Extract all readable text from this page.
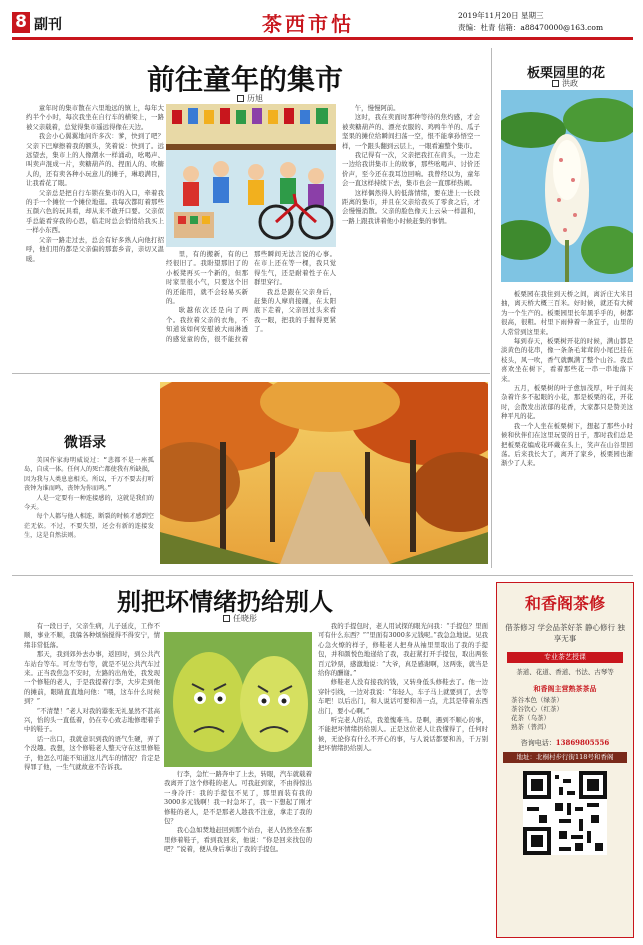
8 副刊	茶西市怙	2019年11月20日 星期三
责编：杜青 信箱：a88470000@163.com
前往童年的集市
历旭

童年时的集市散在六里地远的镇上，每年大约半个小时，每次我坐在自行车的横梁上，一路被父亲载着，总觉得集市遥远得像在天边。

我会小心翼翼地问许多次：爹，快到了吧？父亲下巴摩擦着我的额头，笑着说：快到了。远远望去，集市上的人像潮水一样涌动，吆喝声、叫卖声混成一片，卖糖葫芦的、捏面人的、吹糖人的，还有卖各种小玩意儿的摊子，琳琅满目，让我看花了眼。

父亲总是把自行车锁在集市的入口，牵着我的手一个摊位一个摊位地逛。我每次都盯着那些五颜六色的玩具看，却从来不敢开口要。父亲似乎总能看穿我的心思，临走时总会悄悄给我买上一样小东西。

父亲一路走过去，总会有好多熟人向他打招呼，他们用的都是父亲偏的那套乡音，亲切又温暖。

里，有的搬新，有的已经很旧了。我盼望那旧了的小板凳再买一个新的，但那时家里很小气，只要这个旧的还能用，就不会轻易买新的。

耿越依次还是向了两个。我拉着父亲的衣角，不知道该如何安慰被大雨淋透的感觉童的伤，很不能拉着那些瞬间无法言说的心事。在市上还在等一棵，我只觉得生气，还是耐着性子在人群里穿行。

我总是跟在父亲身后，赶集的人摩肩接踵，在太阳底下走着，父亲回过头来看我一眼，把我的手握得更紧了。

午，慢慢阿前。

这时，我在卖面时那种等待的焦灼感，才会被卖糖葫芦的、漂亮衣服的、鸡鸭牛羊的、瓜子坚果的摊位给瞬间扫荡一空，恨不能拿孙悟空一样，一个跟头翻到云层上，一眼看遍整个集市。

我记得有一次，父亲把我扛在肩头，一边走一边给我讲集市上的故事，那些吆喝声、讨价还价声，至今还在我耳边回响。我曾经以为，童年会一直这样持续下去，集市也会一直那样热闹。

这样偶然得人的低落情绪，要在进上一长段距离的集市，并且在父亲给我买了零食之后，才会慢慢消散。父亲的脸色像天上云朵一样温和，一路上跟我讲着他小时候赶集的事情。

板栗园里的花
洪政

板栗园在我住到天桥之间，离沂庄大米目抽，离天桥大概三百米。好时候，就还有大树为一个生产的。板栗园里长年黑乎乎的，树都很高，很粗。村里下雨伸着一条宜子，山里的人常常到这里来。

每到春天，板栗树开花的时候，满山都是淡黄色的花串，像一条条毛茸茸的小尾巴挂在枝头，风一吹，香气就飘满了整个山谷。我总喜欢坐在树下，看着那些花一串一串地落下来。

五月，板栗树的叶子愈加茂厚，叶子间夹杂着许多不起眼的小花，那是板栗的花，开花时，会散发出浓郁的花香，大家都只是赞美这种平凡的花。

我一个人坐在板栗树下，想起了那些小时候和伙伴们在这里玩耍的日子，那时我们总是把板栗花编成花环戴在头上，笑声在山谷里回荡。后来我长大了，离开了家乡，板栗园也渐渐少了人来。

微语录

美国作家海明威说过：“悲都不是一座孤岛，自成一体。任何人的死亡都使我有所缺损，因为我与人类息息相关。所以，千万不要去打听丧钟为谁而鸣，丧钟为你而鸣。”

人是一定要有一种连接感的，这就是我们的今天。

每个人都与他人相连，断裂的时候才感到空茫无依。不过，不要失望，还会有新的连接发生，这是自然法则。

别把坏情绪扔给别人
任晓彤

有一段日子，父亲生病，儿子延皮，工作不顺，事业不顺，我躲各种烦恼搅得不得安宁，情绪非常低落。

那天，我到郊外去办事，返回时，到公共汽车站台等车。可左等右等，就是不见公共汽车过来。正当我焦急不安时，左路的出角处，我发现一个修鞋的老人，于是我提着行李，大步走到他的摊前，眼睛直直地问他：“喂，这车什么时候到？”

“不清楚！”老人对我的嚣张无礼显然不甚高兴，怡的头一直低着，仍在专心致志地修理着手中的鞋子。

话一出口，我就意识到我的语气生硬，弄了个没趣。我想，这个修鞋老人整天守在这里修鞋子，他怎么可能不知道这儿汽车的情况？肯定是得罪了他，一生气就故意不告诉我。

行李，急忙一路奔中了上去，转眼，汽车就载着我离开了这个修鞋的老人。可我赶到家，不由得惊出一身冷汗：我的手提包不见了，那里面装有我的3000多元钱啊！我一时急坏了，我一下想起了刚才修鞋的老人，是不是那老人趁我不注意，拿走了我的包？

我心急如焚地赶回到那个站台，老人仍然坐在那里修着鞋子，看到我回来，他说：“你是回来找包的吧？”说着，便从身后拿出了我的手提包。

我的手提包时，老人用试探的眼光问我：“手提包？里面可有什么东西？”“里面有3000多元钱呢。”我急急地说。见我心急火燎的样子，修鞋老人把身从袖里里取出了我的手提包，并和颜悦色地递给了我，我赶紧打开手提包，取出两张百元钞票，感激地说：“大爷，真是感谢啊，这两张，就当是给你的酬谢。”

修鞋老人没有接我的钱，又转身低头修鞋去了。他一边穿针引线，一边对我说：“年轻人，车子马上就要到了，去等车吧！以后出门，和人说话可要和善一点，尤其是带着东西出门，要小心啊。”

听完老人的话，我羞愧难当。是啊，遇到不顺心的事，不能把坏情绪扔给别人。正是这位老人让我懂得了，任何时候，无论你有什么不开心的事，与人说话都要和善，千万别把坏情绪扔给别人。

和香阁茶修
借茶修习 学会品茶好茶 静心修行 独享无事
专业茶艺授课
茶道、花道、香道、书法、古琴等
和香阁主营熟茶茶品
茶谷本色（绿茶）
茶谷饮心（红茶）
花茶（乌茶）
熟茶（普洱）
咨询电话：13869805556
地址：北桐村步行街118号和香阁
